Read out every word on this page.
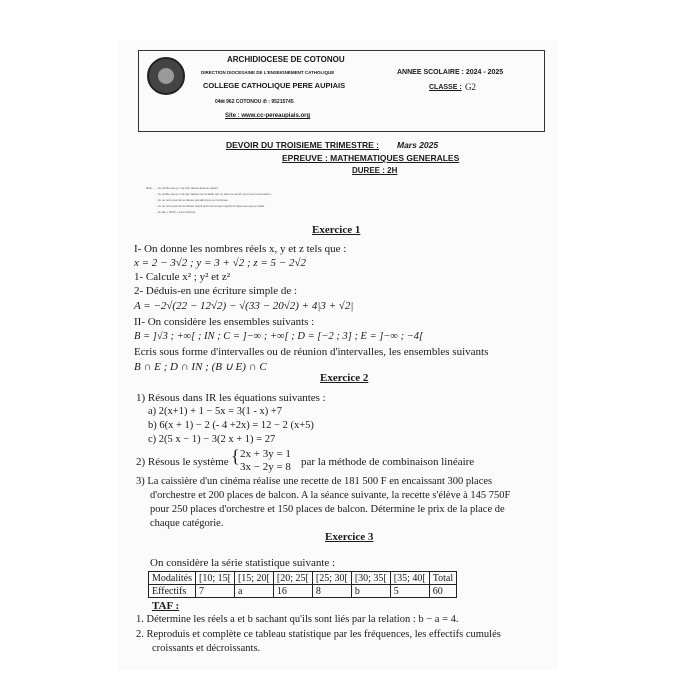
ARCHIDIOCESE DE COTONOU
DIRECTION DIOCESAINE DE L'ENSEIGNEMENT CATHOLIQUE
COLLEGE CATHOLIQUE PERE AUPIAIS
04✉ 962 COTONOU ✆ : 95215745
Site : www.cc-pereaupiais.org
ANNEE SCOLAIRE : 2024 - 2025
CLASSE : G2
DEVOIR DU TROISIEME TRIMESTRE : Mars 2025
EPREUVE : MATHEMATIQUES GENERALES
DUREE : 2H
SLE : - Je vérifie que je n'ai rien laissé dans le casier.
- Je vérifie que je n'ai rien laissé sur la table qui ne doit me servir pour ma composition.
- Je ne sors pas de la classe pendant que je compose.
- Je ne sors pas de la classe avant la fin du temps imparti à l'épreuve que je traite.
- Je dis « NON » à la tricherie.
Exercice 1
I- On donne les nombres réels x, y et z tels que :
x = 2 − 3√2 ; y = 3 + √2 ; z = 5 − 2√2
1- Calcule x² ; y² et z²
2- Déduis-en une écriture simple de :
A = −2√(22 − 12√2) − √(33 − 20√2) + 4|3 + √2|
II- On considère les ensembles suivants :
B = ]√3 ; +∞[ ; IN ; C = ]−∞ ; +∞[ ; D = [−2 ; 3] ; E = ]−∞ ; −4[
Ecris sous forme d'intervalles ou de réunion d'intervalles, les ensembles suivants
B ∩ E ; D ∩ IN ; (B ∪ E) ∩ C
Exercice 2
1) Résous dans IR les équations suivantes :
a) 2(x+1) + 1 − 5x = 3(1 - x) +7
b) 6(x + 1) − 2 (- 4 +2x) = 12 − 2 (x+5)
c) 2(5 x − 1) − 3(2 x + 1) = 27
2) Résous le système { 2x + 3y = 1
3x − 2y = 8 par la méthode de combinaison linéaire
3) La caissière d'un cinéma réalise une recette de 181 500 F en encaissant 300 places
d'orchestre et 200 places de balcon. A la séance suivante, la recette s'élève à 145 750F
pour 250 places d'orchestre et 150 places de balcon. Détermine le prix de la place de
chaque catégorie.
Exercice 3
On considère la série statistique suivante :
Modalités	[10; 15[	[15; 20[	[20; 25[	[25; 30[	[30; 35[	[35; 40[	Total
Effectifs	7	a	16	8	b	5	60
TAF :
1. Détermine les réels a et b sachant qu'ils sont liés par la relation : b − a = 4.
2. Reproduis et complète ce tableau statistique par les fréquences, les effectifs cumulés
croissants et décroissants.
